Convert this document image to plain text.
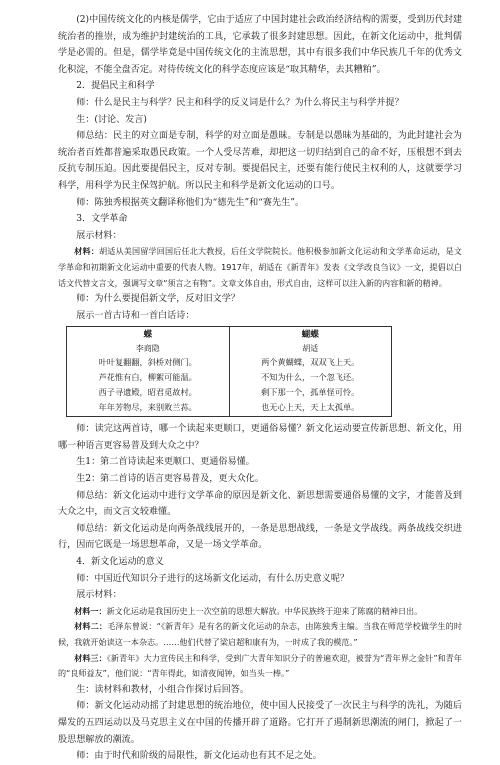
(2)中国传统文化的内核是儒学，它由于适应了中国封建社会政治经济结构的需要，受到历代封建统治者的推崇，成为维护封建统治的工具，它承载了很多封建思想。因此，在新文化运动中，批判儒学是必需的。但是，儒学毕竟是中国传统文化的主流思想，其中有很多我们中华民族几千年的优秀文化积淀，不能全盘否定。对待传统文化的科学态度应该是“取其精华，去其糟粕”。

2．提倡民主和科学

师：什么是民主与科学？民主和科学的反义词是什么？为什么将民主与科学并提？

生：(讨论、发言)

师总结：民主的对立面是专制，科学的对立面是愚昧。专制是以愚昧为基础的，为此封建社会为统治者百姓都普遍采取愚民政策。一个人受尽苦难，却把这一切归结到自己的命不好，压根想不到去反抗专制压迫。因此要提倡民主，反对专制。要提倡民主，还要有能行使民主权利的人，这就要学习科学，用科学为民主保驾护航。所以民主和科学是新文化运动的口号。

师：陈独秀根据英文翻译称他们为“德先生”和“赛先生”。

3．文学革命

展示材料：

材料：胡适从美国留学回国后任北大教授，后任文学院院长。他积极参加新文化运动和文学革命运动，是文学革命和初期新文化运动中重要的代表人物。1917年，胡适在《新青年》发表《文学改良刍议》一文，提倡以白话文代替文言文，强调写文章“须言之有物”。文章文体自由，形式自由，这样可以注入新的内容和新的精神。

师：为什么要提倡新文学，反对旧文学？

展示一首古诗和一首白话诗：

蝶
李商隐
叶叶复翻翻，斜桥对侧门。
芦花惟有白，柳絮可能温。
西子寻遗殿，昭君觅故村。
年年芳物尽，来别败兰荪。

蝴蝶
胡适
两个黄蝴蝶，双双飞上天。
不知为什么，一个忽飞还。
剩下那一个，孤单怪可怜。
也无心上天，天上太孤单。

师：读完这两首诗，哪一个读起来更顺口，更通俗易懂？新文化运动要宣传新思想、新文化，用哪一种语言更容易普及到大众之中？

生1：第二首诗读起来更顺口、更通俗易懂。

生2：第二首诗的语言更容易普及，更大众化。

师总结：新文化运动中进行文学革命的原因是新文化、新思想需要通俗易懂的文字，才能普及到大众之中，而文言文较难懂。

师总结：新文化运动是向两条战线展开的，一条是思想战线，一条是文学战线。两条战线交织进行，因而它既是一场思想革命，又是一场文学革命。

4．新文化运动的意义

师：中国近代知识分子进行的这场新文化运动，有什么历史意义呢？

展示材料：

材料一：新文化运动是我国历史上一次空前的思想大解放。中华民族终于迎来了陈腐的精神日出。

材料二：毛泽东曾说：“《新青年》是有名的新文化运动的杂志，由陈独秀主编。当我在师范学校做学生的时候，我就开始读这一本杂志。……他们代替了梁启超和康有为，一时成了我的模范。”

材料三：《新青年》大力宣传民主和科学，受到广大青年知识分子的普遍欢迎，被誉为“青年界之金针”和青年的“良师益友”，他们说：“青年得此，如清夜闻钟，如当头一棒。”

生：读材料和教材，小组合作探讨后回答。

师：新文化运动动摇了封建思想的统治地位，使中国人民接受了一次民主与科学的洗礼，为随后爆发的五四运动以及马克思主义在中国的传播开辟了道路。它打开了遏制新思潮流的闸门，掀起了一股思想解放的潮流。

师：由于时代和阶级的局限性，新文化运动也有其不足之处。
